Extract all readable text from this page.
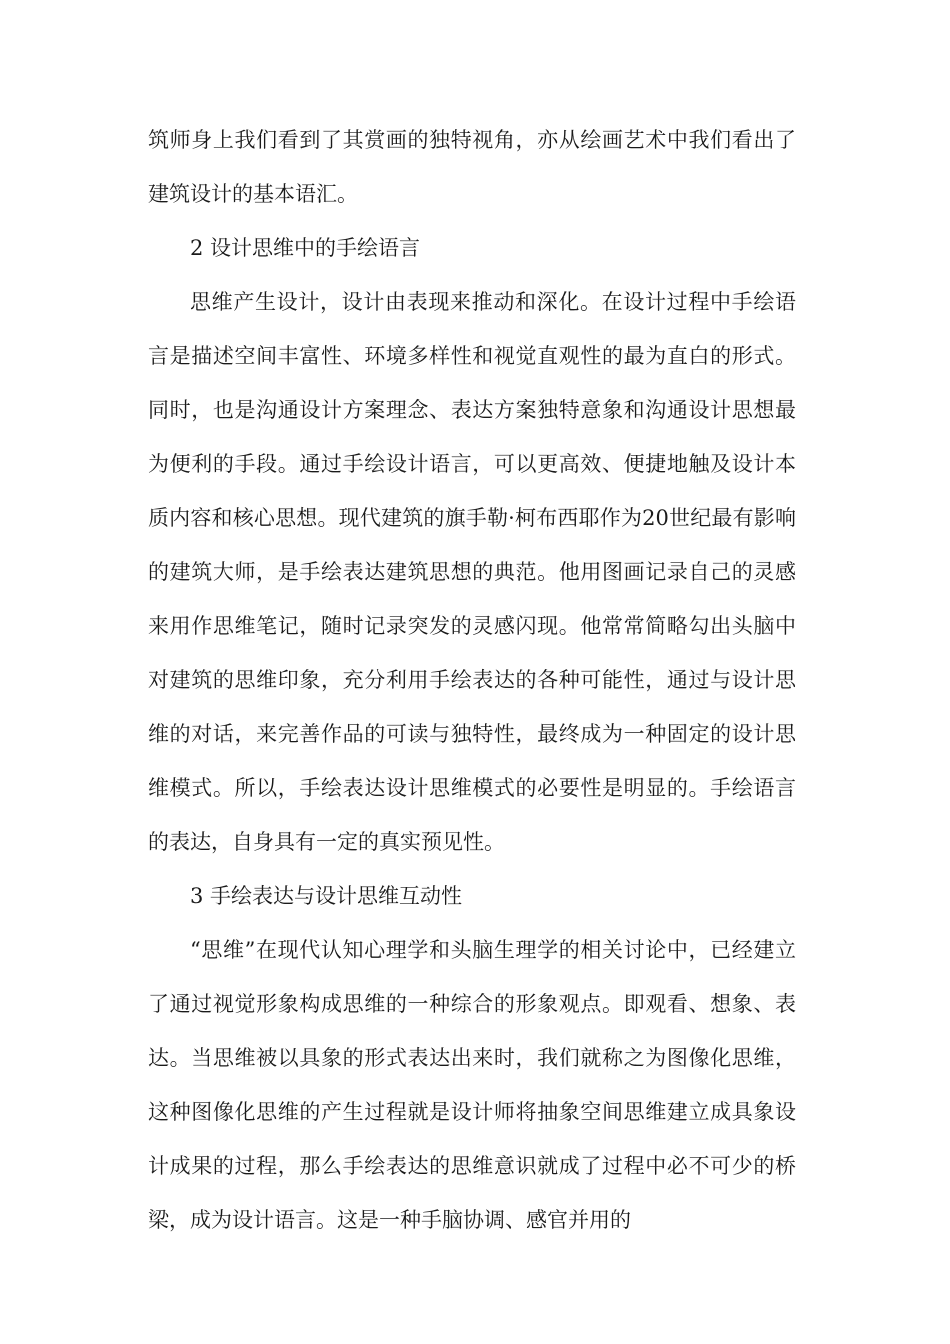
筑师身上我们看到了其赏画的独特视角，亦从绘画艺术中我们看出了建筑设计的基本语汇。

2 设计思维中的手绘语言

思维产生设计，设计由表现来推动和深化。在设计过程中手绘语言是描述空间丰富性、环境多样性和视觉直观性的最为直白的形式。同时，也是沟通设计方案理念、表达方案独特意象和沟通设计思想最为便利的手段。通过手绘设计语言，可以更高效、便捷地触及设计本质内容和核心思想。现代建筑的旗手勒·柯布西耶作为20世纪最有影响的建筑大师，是手绘表达建筑思想的典范。他用图画记录自己的灵感来用作思维笔记，随时记录突发的灵感闪现。他常常简略勾出头脑中对建筑的思维印象，充分利用手绘表达的各种可能性，通过与设计思维的对话，来完善作品的可读与独特性，最终成为一种固定的设计思维模式。所以，手绘表达设计思维模式的必要性是明显的。手绘语言的表达，自身具有一定的真实预见性。

3 手绘表达与设计思维互动性

“思维”在现代认知心理学和头脑生理学的相关讨论中，已经建立了通过视觉形象构成思维的一种综合的形象观点。即观看、想象、表达。当思维被以具象的形式表达出来时，我们就称之为图像化思维，这种图像化思维的产生过程就是设计师将抽象空间思维建立成具象设计成果的过程，那么手绘表达的思维意识就成了过程中必不可少的桥梁，成为设计语言。这是一种手脑协调、感官并用的
